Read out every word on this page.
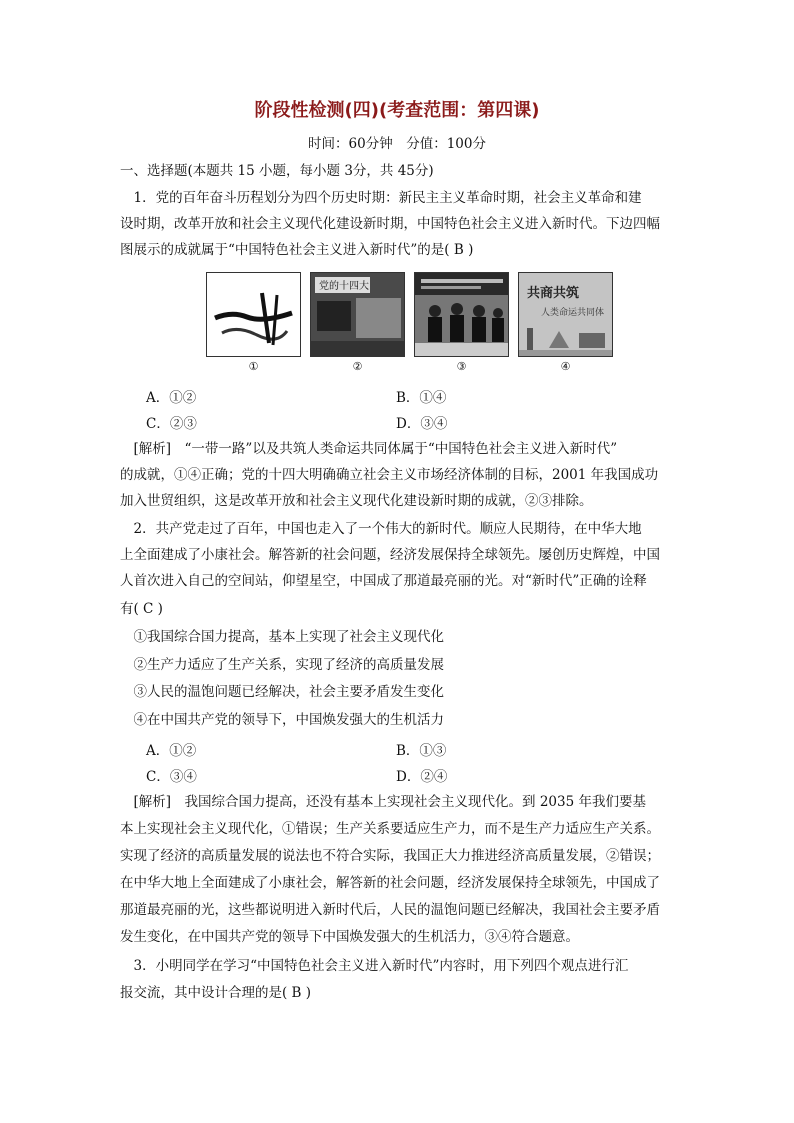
阶段性检测(四)(考查范围：第四课)
时间：60分钟　分值：100分
一、选择题(本题共 15 小题，每小题 3分，共 45分)
　1．党的百年奋斗历程划分为四个历史时期：新民主主义革命时期，社会主义革命和建
设时期，改革开放和社会主义现代化建设新时期，中国特色社会主义进入新时代。下边四幅
图展示的成就属于“中国特色社会主义进入新时代”的是( B )
①
党的十四大
②	③
共商共筑
人类命运共同体
④
A．①②	B．①④
C．②③	D．③④
　[解析]　“一带一路”以及共筑人类命运共同体属于“中国特色社会主义进入新时代”
的成就，①④正确；党的十四大明确确立社会主义市场经济体制的目标，2001 年我国成功
加入世贸组织，这是改革开放和社会主义现代化建设新时期的成就，②③排除。
　2．共产党走过了百年，中国也走入了一个伟大的新时代。顺应人民期待，在中华大地
上全面建成了小康社会。解答新的社会问题，经济发展保持全球领先。屡创历史辉煌，中国
人首次进入自己的空间站，仰望星空，中国成了那道最亮丽的光。对“新时代”正确的诠释
有( C )
　①我国综合国力提高，基本上实现了社会主义现代化
　②生产力适应了生产关系，实现了经济的高质量发展
　③人民的温饱问题已经解决，社会主要矛盾发生变化
　④在中国共产党的领导下，中国焕发强大的生机活力
A．①②	B．①③
C．③④	D．②④
　[解析]　我国综合国力提高，还没有基本上实现社会主义现代化。到 2035 年我们要基
本上实现社会主义现代化，①错误；生产关系要适应生产力，而不是生产力适应生产关系。
实现了经济的高质量发展的说法也不符合实际，我国正大力推进经济高质量发展，②错误；
在中华大地上全面建成了小康社会，解答新的社会问题，经济发展保持全球领先，中国成了
那道最亮丽的光，这些都说明进入新时代后，人民的温饱问题已经解决，我国社会主要矛盾
发生变化，在中国共产党的领导下中国焕发强大的生机活力，③④符合题意。
　3．小明同学在学习“中国特色社会主义进入新时代”内容时，用下列四个观点进行汇
报交流，其中设计合理的是( B )
